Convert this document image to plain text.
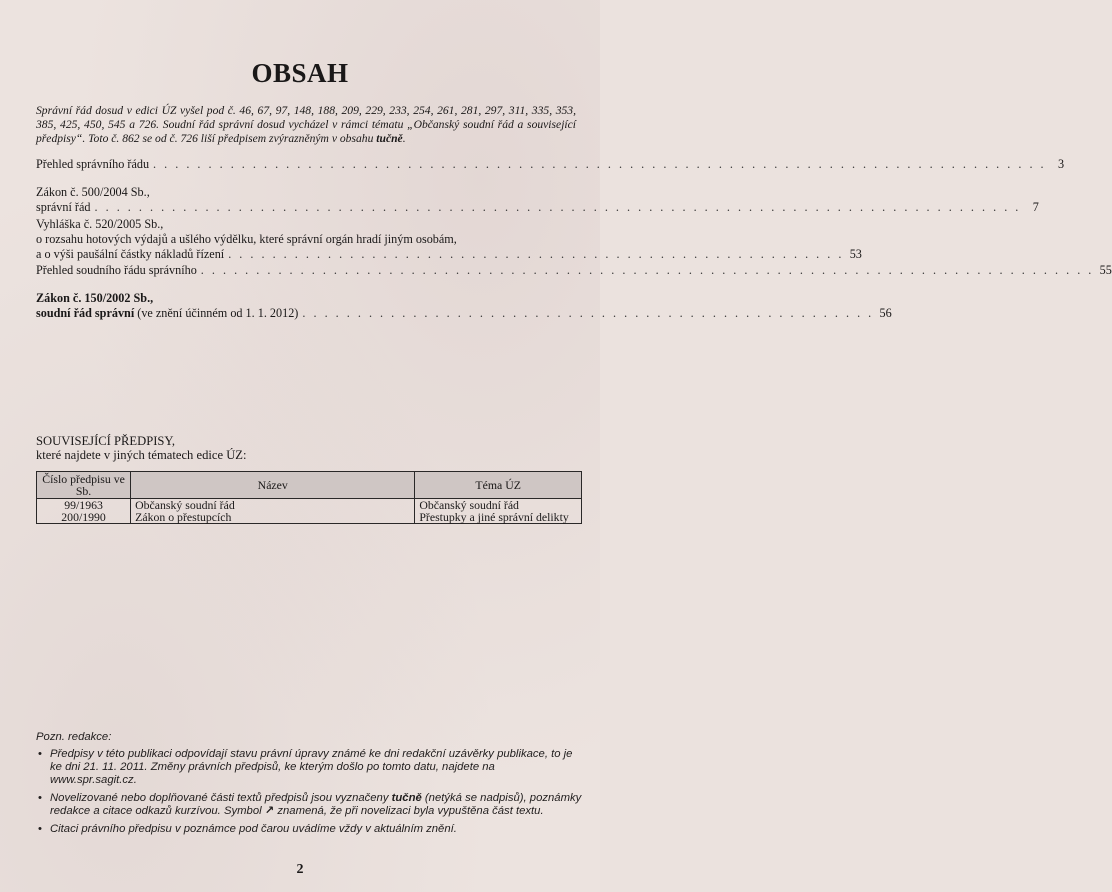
OBSAH
Správní řád dosud v edici ÚZ vyšel pod č. 46, 67, 97, 148, 188, 209, 229, 233, 254, 261, 281, 297, 311, 335, 353, 385, 425, 450, 545 a 726. Soudní řád správní dosud vycházel v rámci tématu „Občanský soudní řád a související předpisy“. Toto č. 862 se od č. 726 liší předpisem zvýrazněným v obsahu tučně.
Přehled správního řádu . . . . . . . . . . . . . . . . . . . . . . . . . . . . . . . . . . . . . . . . . . . . . . . . . . . . . . . . . . . . . . . . . . . . . . . . . . . . . . . . . 3
Zákon č. 500/2004 Sb.,
správní řád . . . . . . . . . . . . . . . . . . . . . . . . . . . . . . . . . . . . . . . . . . . . . . . . . . . . . . . . . . . . . . . . . . . . . . . . . . . . . . . . . . . . 7
Vyhláška č. 520/2005 Sb.,
o rozsahu hotových výdajů a ušlého výdělku, které správní orgán hradí jiným osobám,
a o výši paušální částky nákladů řízení . . . . . . . . . . . . . . . . . . . . . . . . . . . . . . . . . . . . . . . . . . . . . . . . . . . . . . . . 53
Přehled soudního řádu správního . . . . . . . . . . . . . . . . . . . . . . . . . . . . . . . . . . . . . . . . . . . . . . . . . . . . . . . . . . . . . . . . . . . . . . . . . . . . . . . . . 55
Zákon č. 150/2002 Sb.,
soudní řád správní (ve znění účinném od 1. 1. 2012) . . . . . . . . . . . . . . . . . . . . . . . . . . . . . . . . . . . . . . . . . . . . . . . . . . . . 56
SOUVISEJÍCÍ PŘEDPISY,
které najdete v jiných tématech edice ÚZ:
Číslo předpisu ve Sb.	Název	Téma ÚZ
99/1963	Občanský soudní řád	Občanský soudní řád
200/1990	Zákon o přestupcích	Přestupky a jiné správní delikty
Pozn. redakce:
• Předpisy v této publikaci odpovídají stavu právní úpravy známé ke dni redakční uzávěrky publikace, to je ke dni 21. 11. 2011. Změny právních předpisů, ke kterým došlo po tomto datu, najdete na www.spr.sagit.cz.
• Novelizované nebo doplňované části textů předpisů jsou vyznačeny tučně (netýká se nadpisů), poznámky redakce a citace odkazů kurzívou. Symbol ↗ znamená, že při novelizaci byla vypuštěna část textu.
• Citaci právního předpisu v poznámce pod čarou uvádíme vždy v aktuálním znění.
2
